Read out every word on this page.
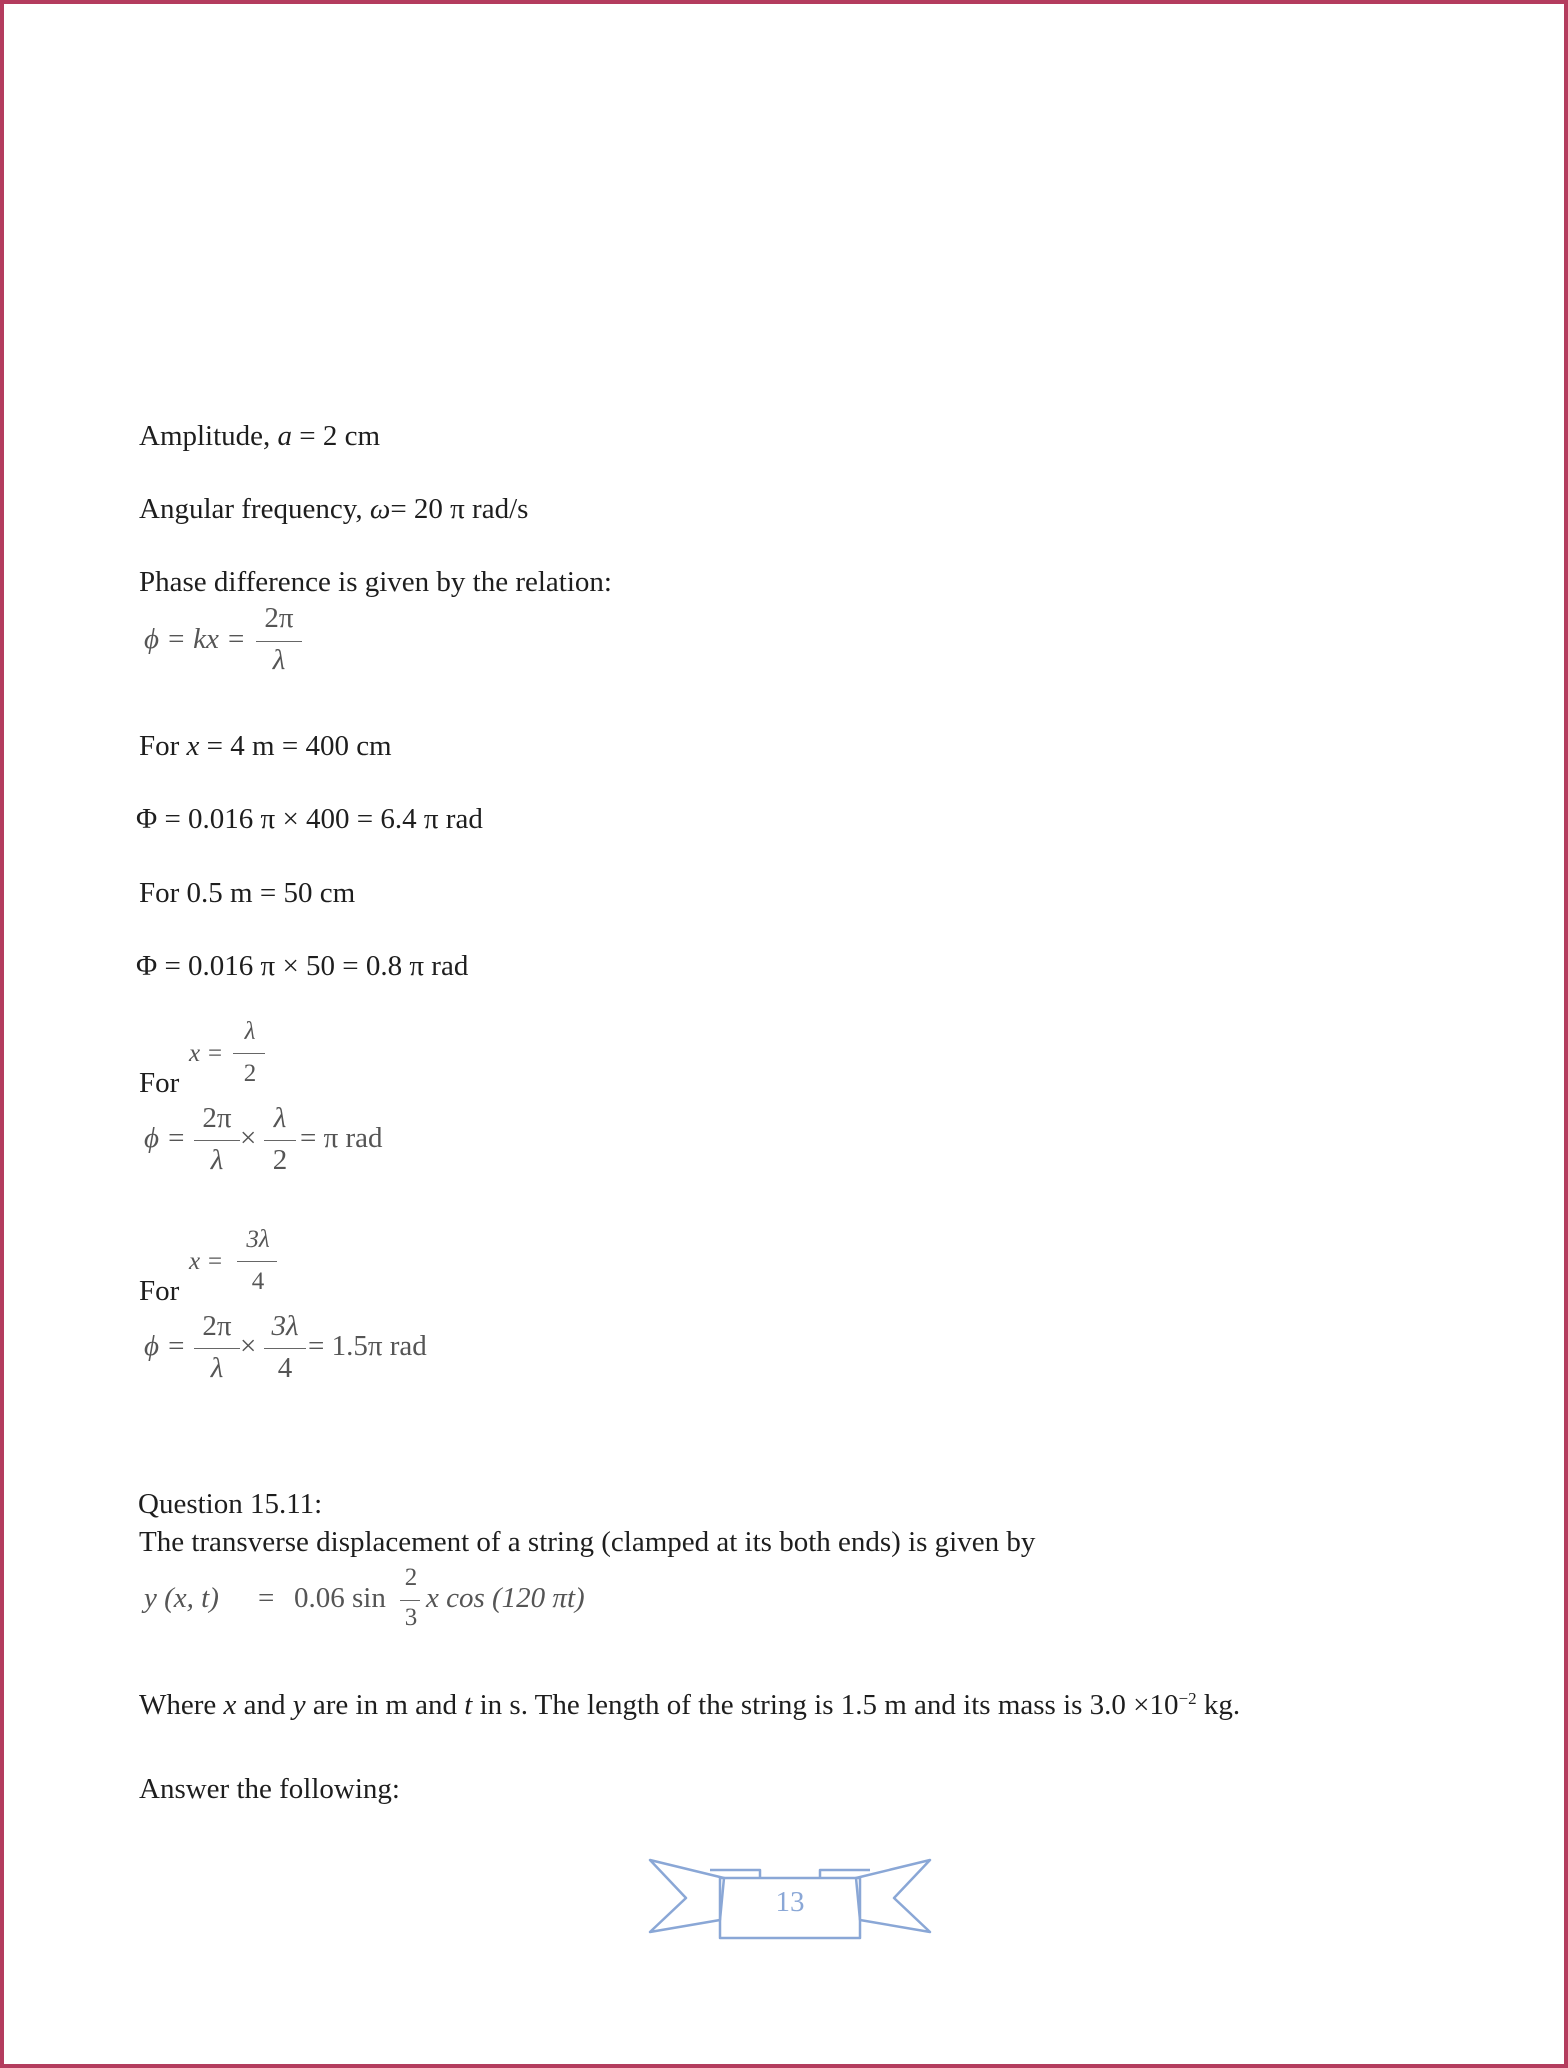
Amplitude, a = 2 cm
Angular frequency, ω= 20 π rad/s
Phase difference is given by the relation:
ϕ = kx =
2π
λ
For x = 4 m = 400 cm
Φ = 0.016 π × 400 = 6.4 π rad
For 0.5 m = 50 cm
Φ = 0.016 π × 50 = 0.8 π rad
For
x =
λ
2
ϕ =
2π
λ
×
λ
2
= π rad
For
x =
3λ
4
ϕ =
2π
λ
×
3λ
4
= 1.5π rad
Question 15.11:
The transverse displacement of a string (clamped at its both ends) is given by
y (x, t) = 0.06 sin
2
3
x cos (120 πt)
Where x and y are in m and t in s. The length of the string is 1.5 m and its mass is $3.0 \times 10^{-2}$ kg.
Answer the following:
13
